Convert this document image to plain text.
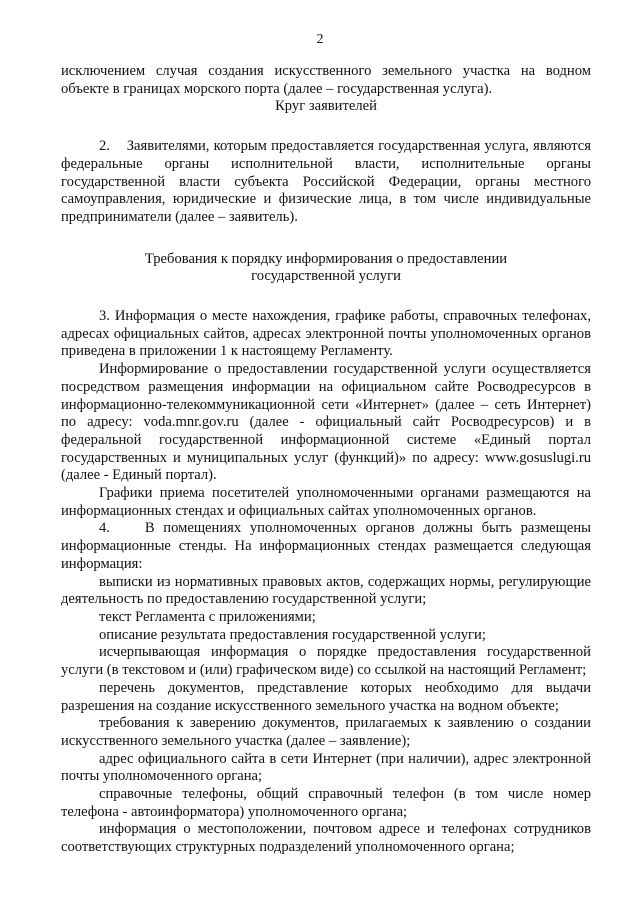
2

исключением случая создания искусственного земельного участка на водном объекте в границах морского порта (далее – государственная услуга).

Круг заявителей

2.    Заявителями, которым предоставляется государственная услуга, являются федеральные органы исполнительной власти, исполнительные органы государственной власти субъекта Российской Федерации, органы местного самоуправления, юридические и физические лица, в том числе индивидуальные предприниматели (далее – заявитель).

Требования к порядку информирования о предоставлении государственной услуги

3. Информация о месте нахождения, графике работы, справочных телефонах, адресах официальных сайтов, адресах электронной почты уполномоченных органов приведена в приложении 1 к настоящему Регламенту.

Информирование о предоставлении государственной услуги осуществляется посредством размещения информации на официальном сайте Росводресурсов в информационно-телекоммуникационной сети «Интернет» (далее – сеть Интернет) по адресу: voda.mnr.gov.ru (далее - официальный сайт Росводресурсов) и в федеральной государственной информационной системе «Единый портал государственных и муниципальных услуг (функций)» по адресу: www.gosuslugi.ru (далее - Единый портал).

Графики приема посетителей уполномоченными органами размещаются на информационных стендах и официальных сайтах уполномоченных органов.

4.    В помещениях уполномоченных органов должны быть размещены информационные стенды. На информационных стендах размещается следующая информация:

выписки из нормативных правовых актов, содержащих нормы, регулирующие деятельность по предоставлению государственной услуги;

текст Регламента с приложениями;

описание результата предоставления государственной услуги;

исчерпывающая информация о порядке предоставления государственной услуги (в текстовом и (или) графическом виде) со ссылкой на настоящий Регламент;

перечень документов, представление которых необходимо для выдачи разрешения на создание искусственного земельного участка на водном объекте;

требования к заверению документов, прилагаемых к заявлению о создании искусственного земельного участка (далее – заявление);

адрес официального сайта в сети Интернет (при наличии), адрес электронной почты уполномоченного органа;

справочные телефоны, общий справочный телефон (в том числе номер телефона - автоинформатора) уполномоченного органа;

информация о местоположении, почтовом адресе и телефонах сотрудников соответствующих структурных подразделений уполномоченного органа;
